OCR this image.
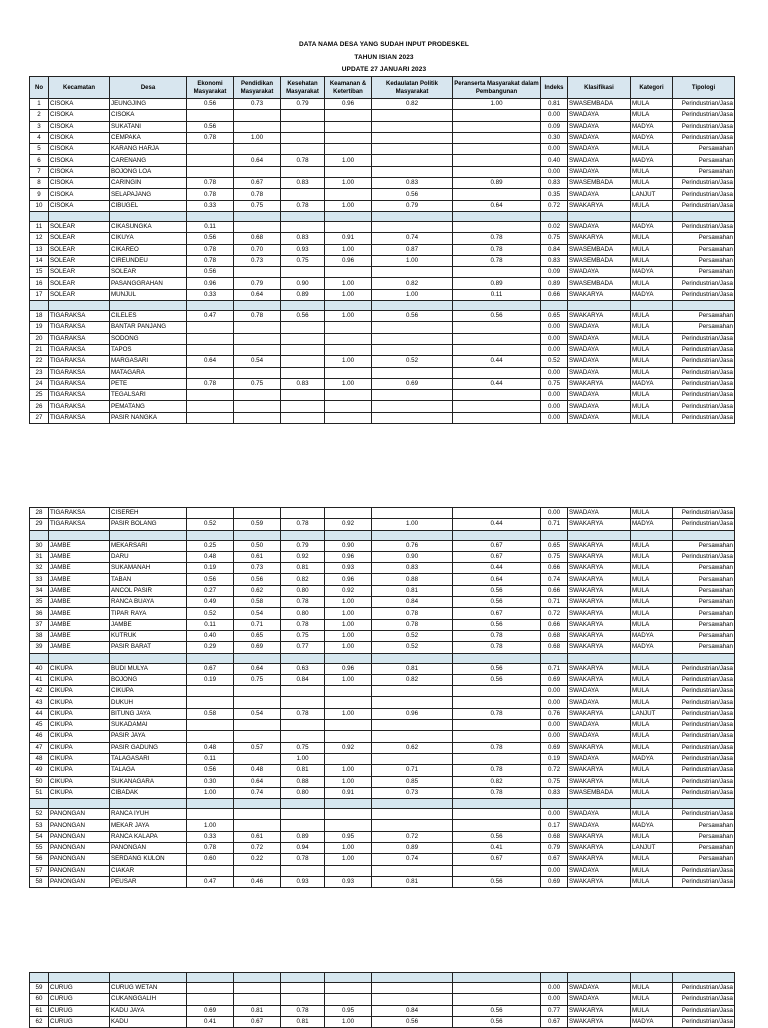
DATA NAMA DESA YANG SUDAH INPUT PRODESKEL
TAHUN ISIAN 2023
UPDATE 27 JANUARI 2023
No	Kecamatan	Desa	Ekonomi Masyarakat	Pendidikan Masyarakat	Kesehatan Masyarakat	Keamanan & Ketertiban	Kedaulatan Politik Masyarakat	Peranserta Masyarakat dalam Pembangunan	Indeks	Klasifikasi	Kategori	Tipologi
1	CISOKA	JEUNGJING	0.56	0.73	0.79	0.96	0.82	1.00	0.81	SWASEMBADA	MULA	Perindustrian/Jasa
2	CISOKA	CISOKA							0.00	SWADAYA	MULA	Perindustrian/Jasa
3	CISOKA	SUKATANI	0.56						0.09	SWADAYA	MADYA	Perindustrian/Jasa
4	CISOKA	CEMPAKA	0.78	1.00					0.30	SWADAYA	MADYA	Perindustrian/Jasa
5	CISOKA	KARANG HARJA							0.00	SWADAYA	MULA	Persawahan
6	CISOKA	CARENANG		0.64	0.78	1.00			0.40	SWADAYA	MADYA	Persawahan
7	CISOKA	BOJONG LOA							0.00	SWADAYA	MULA	Persawahan
8	CISOKA	CARINGIN	0.78	0.67	0.83	1.00	0.83	0.89	0.83	SWASEMBADA	MULA	Perindustrian/Jasa
9	CISOKA	SELAPAJANG	0.78	0.78			0.56		0.35	SWADAYA	LANJUT	Perindustrian/Jasa
10	CISOKA	CIBUGEL	0.33	0.75	0.78	1.00	0.79	0.64	0.72	SWAKARYA	MULA	Perindustrian/Jasa

11	SOLEAR	CIKASUNGKA	0.11						0.02	SWADAYA	MADYA	Perindustrian/Jasa
12	SOLEAR	CIKUYA	0.56	0.68	0.83	0.91	0.74	0.78	0.75	SWAKARYA	MULA	Persawahan
13	SOLEAR	CIKAREO	0.78	0.70	0.93	1.00	0.87	0.78	0.84	SWASEMBADA	MULA	Persawahan
14	SOLEAR	CIREUNDEU	0.78	0.73	0.75	0.96	1.00	0.78	0.83	SWASEMBADA	MULA	Persawahan
15	SOLEAR	SOLEAR	0.56						0.09	SWADAYA	MADYA	Persawahan
16	SOLEAR	PASANGGRAHAN	0.96	0.79	0.90	1.00	0.82	0.89	0.89	SWASEMBADA	MULA	Perindustrian/Jasa
17	SOLEAR	MUNJUL	0.33	0.64	0.89	1.00	1.00	0.11	0.66	SWAKARYA	MADYA	Perindustrian/Jasa

18	TIGARAKSA	CILELES	0.47	0.78	0.56	1.00	0.56	0.56	0.65	SWAKARYA	MULA	Persawahan
19	TIGARAKSA	BANTAR PANJANG							0.00	SWADAYA	MULA	Persawahan
20	TIGARAKSA	SODONG							0.00	SWADAYA	MULA	Perindustrian/Jasa
21	TIGARAKSA	TAPOS							0.00	SWADAYA	MULA	Perindustrian/Jasa
22	TIGARAKSA	MARGASARI	0.64	0.54		1.00	0.52	0.44	0.52	SWADAYA	MULA	Perindustrian/Jasa
23	TIGARAKSA	MATAGARA							0.00	SWADAYA	MULA	Perindustrian/Jasa
24	TIGARAKSA	PETE	0.78	0.75	0.83	1.00	0.69	0.44	0.75	SWAKARYA	MADYA	Perindustrian/Jasa
25	TIGARAKSA	TEGALSARI							0.00	SWADAYA	MULA	Perindustrian/Jasa
26	TIGARAKSA	PEMATANG							0.00	SWADAYA	MULA	Perindustrian/Jasa
27	TIGARAKSA	PASIR NANGKA							0.00	SWADAYA	MULA	Perindustrian/Jasa
28	TIGARAKSA	CISEREH							0.00	SWADAYA	MULA	Perindustrian/Jasa
29	TIGARAKSA	PASIR BOLANG	0.52	0.59	0.78	0.92	1.00	0.44	0.71	SWAKARYA	MADYA	Perindustrian/Jasa

30	JAMBE	MEKARSARI	0.25	0.50	0.79	0.90	0.76	0.67	0.65	SWAKARYA	MULA	Persawahan
31	JAMBE	DARU	0.48	0.61	0.92	0.96	0.90	0.67	0.75	SWAKARYA	MULA	Perindustrian/Jasa
32	JAMBE	SUKAMANAH	0.19	0.73	0.81	0.93	0.83	0.44	0.66	SWAKARYA	MULA	Persawahan
33	JAMBE	TABAN	0.56	0.56	0.82	0.96	0.88	0.64	0.74	SWAKARYA	MULA	Persawahan
34	JAMBE	ANCOL PASIR	0.27	0.62	0.80	0.92	0.81	0.56	0.66	SWAKARYA	MULA	Persawahan
35	JAMBE	RANCA BUAYA	0.49	0.58	0.78	1.00	0.84	0.56	0.71	SWAKARYA	MULA	Persawahan
36	JAMBE	TIPAR RAYA	0.52	0.54	0.80	1.00	0.78	0.67	0.72	SWAKARYA	MULA	Persawahan
37	JAMBE	JAMBE	0.11	0.71	0.78	1.00	0.78	0.56	0.66	SWAKARYA	MULA	Persawahan
38	JAMBE	KUTRUK	0.40	0.65	0.75	1.00	0.52	0.78	0.68	SWAKARYA	MADYA	Persawahan
39	JAMBE	PASIR BARAT	0.29	0.69	0.77	1.00	0.52	0.78	0.68	SWAKARYA	MADYA	Persawahan

40	CIKUPA	BUDI MULYA	0.67	0.64	0.63	0.96	0.81	0.56	0.71	SWAKARYA	MULA	Perindustrian/Jasa
41	CIKUPA	BOJONG	0.19	0.75	0.84	1.00	0.82	0.56	0.69	SWAKARYA	MULA	Perindustrian/Jasa
42	CIKUPA	CIKUPA							0.00	SWADAYA	MULA	Perindustrian/Jasa
43	CIKUPA	DUKUH							0.00	SWADAYA	MULA	Perindustrian/Jasa
44	CIKUPA	BITUNG JAYA	0.58	0.54	0.78	1.00	0.96	0.78	0.76	SWAKARYA	LANJUT	Perindustrian/Jasa
45	CIKUPA	SUKADAMAI							0.00	SWADAYA	MULA	Perindustrian/Jasa
46	CIKUPA	PASIR JAYA							0.00	SWADAYA	MULA	Perindustrian/Jasa
47	CIKUPA	PASIR GADUNG	0.48	0.57	0.75	0.92	0.62	0.78	0.69	SWAKARYA	MULA	Perindustrian/Jasa
48	CIKUPA	TALAGASARI	0.11		1.00				0.19	SWADAYA	MADYA	Perindustrian/Jasa
49	CIKUPA	TALAGA	0.56	0.48	0.81	1.00	0.71	0.78	0.72	SWAKARYA	MULA	Perindustrian/Jasa
50	CIKUPA	SUKANAGARA	0.30	0.64	0.88	1.00	0.85	0.82	0.75	SWAKARYA	MULA	Perindustrian/Jasa
51	CIKUPA	CIBADAK	1.00	0.74	0.80	0.91	0.73	0.78	0.83	SWASEMBADA	MULA	Perindustrian/Jasa

52	PANONGAN	RANCA IYUH							0.00	SWADAYA	MULA	Perindustrian/Jasa
53	PANONGAN	MEKAR JAYA	1.00						0.17	SWADAYA	MADYA	Persawahan
54	PANONGAN	RANCA KALAPA	0.33	0.61	0.89	0.95	0.72	0.56	0.68	SWAKARYA	MULA	Persawahan
55	PANONGAN	PANONGAN	0.78	0.72	0.94	1.00	0.89	0.41	0.79	SWAKARYA	LANJUT	Persawahan
56	PANONGAN	SERDANG KULON	0.60	0.22	0.78	1.00	0.74	0.67	0.67	SWAKARYA	MULA	Persawahan
57	PANONGAN	CIAKAR							0.00	SWADAYA	MULA	Perindustrian/Jasa
58	PANONGAN	PEUSAR	0.47	0.46	0.93	0.93	0.81	0.56	0.69	SWAKARYA	MULA	Perindustrian/Jasa

59	CURUG	CURUG WETAN							0.00	SWADAYA	MULA	Perindustrian/Jasa
60	CURUG	CUKANGGALIH							0.00	SWADAYA	MULA	Perindustrian/Jasa
61	CURUG	KADU JAYA	0.69	0.81	0.78	0.95	0.84	0.56	0.77	SWAKARYA	MULA	Perindustrian/Jasa
62	CURUG	KADU	0.41	0.67	0.81	1.00	0.56	0.56	0.67	SWAKARYA	MADYA	Perindustrian/Jasa
